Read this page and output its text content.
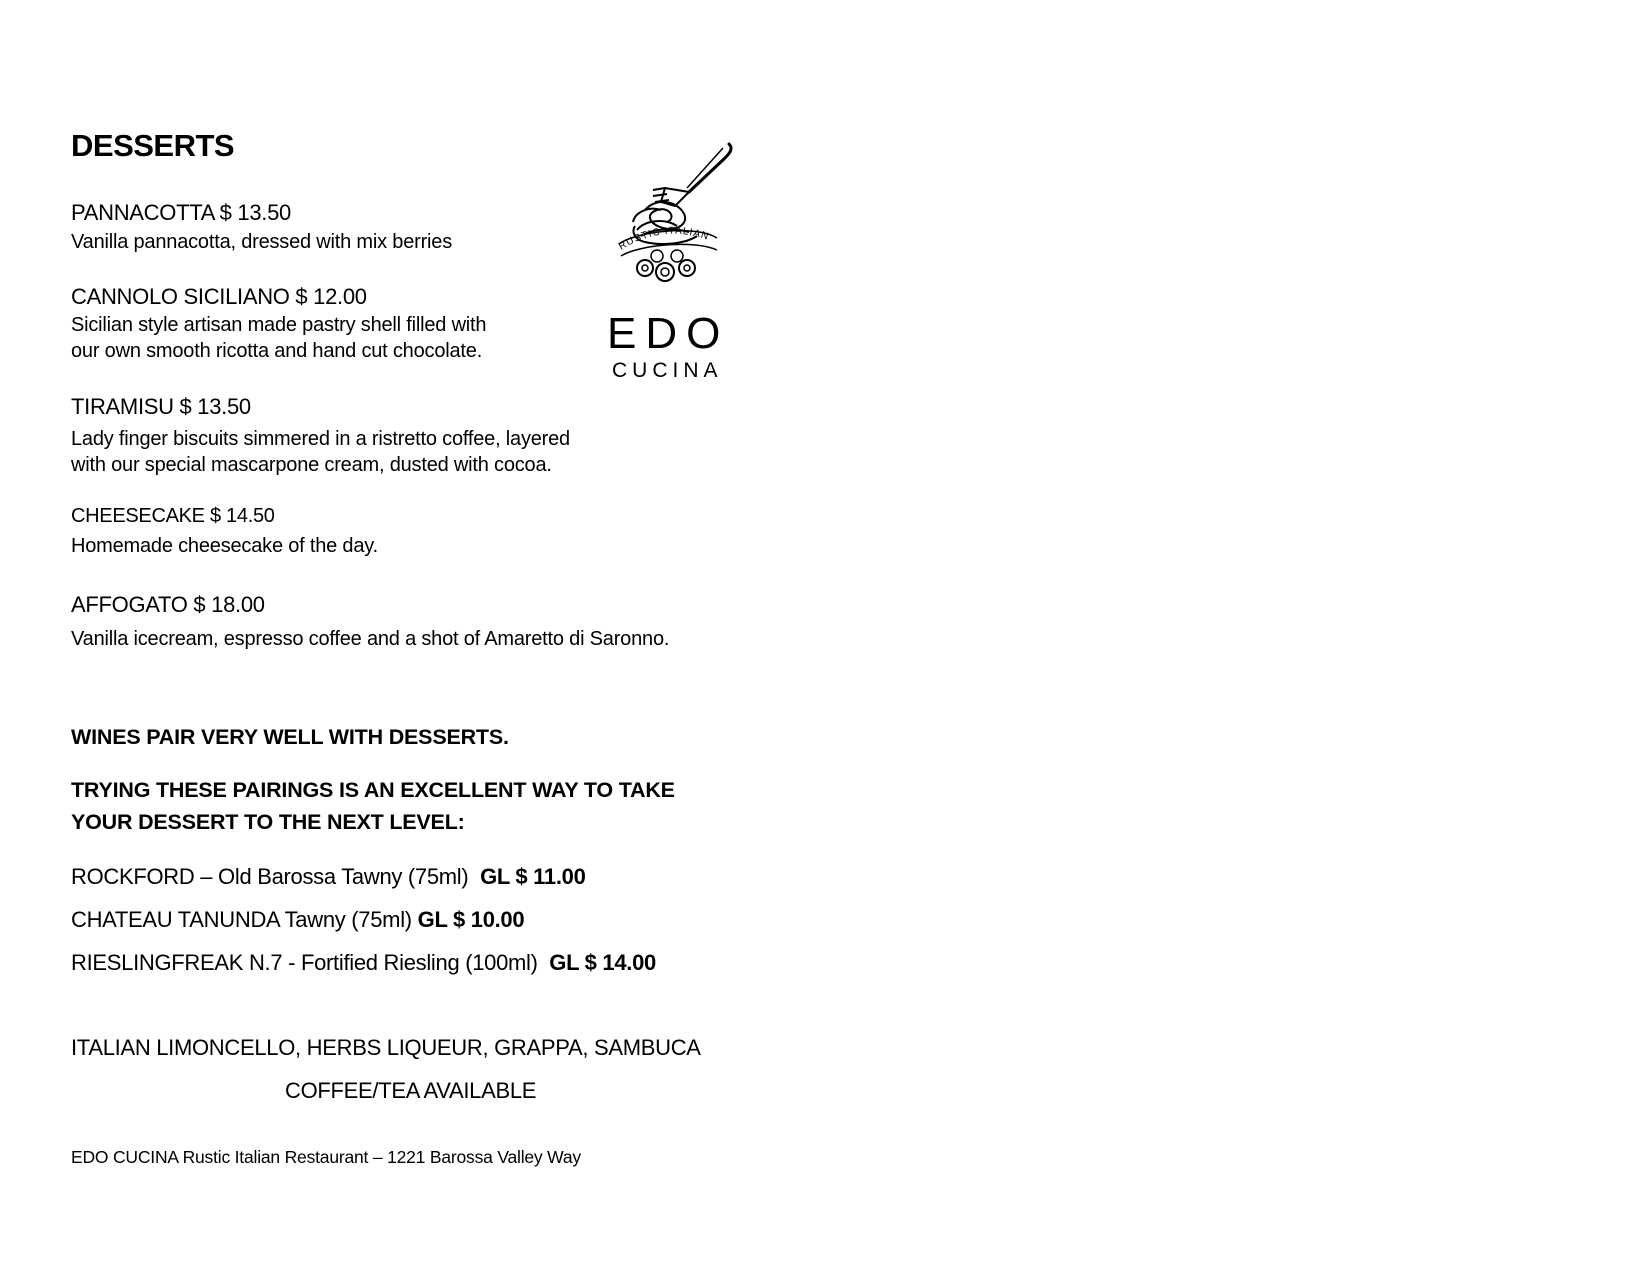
DESSERTS
PANNACOTTA $ 13.50
Vanilla pannacotta, dressed with mix berries
CANNOLO SICILIANO $ 12.00
Sicilian style artisan made pastry shell filled with
our own smooth ricotta and hand cut chocolate.
TIRAMISU $ 13.50
Lady finger biscuits simmered in a ristretto coffee, layered
with our special mascarpone cream, dusted with cocoa.
CHEESECAKE $ 14.50
Homemade cheesecake of the day.
AFFOGATO $ 18.00
Vanilla icecream, espresso coffee and a shot of Amaretto di Saronno.
RUSTIC ITALIAN
EDO
CUCINA
WINES PAIR VERY WELL WITH DESSERTS.
TRYING THESE PAIRINGS IS AN EXCELLENT WAY TO TAKE
YOUR DESSERT TO THE NEXT LEVEL:
ROCKFORD – Old Barossa Tawny (75ml) GL $ 11.00
CHATEAU TANUNDA Tawny (75ml) GL $ 10.00
RIESLINGFREAK N.7 - Fortified Riesling (100ml) GL $ 14.00
ITALIAN LIMONCELLO, HERBS LIQUEUR, GRAPPA, SAMBUCA
COFFEE/TEA AVAILABLE
EDO CUCINA Rustic Italian Restaurant – 1221 Barossa Valley Way
